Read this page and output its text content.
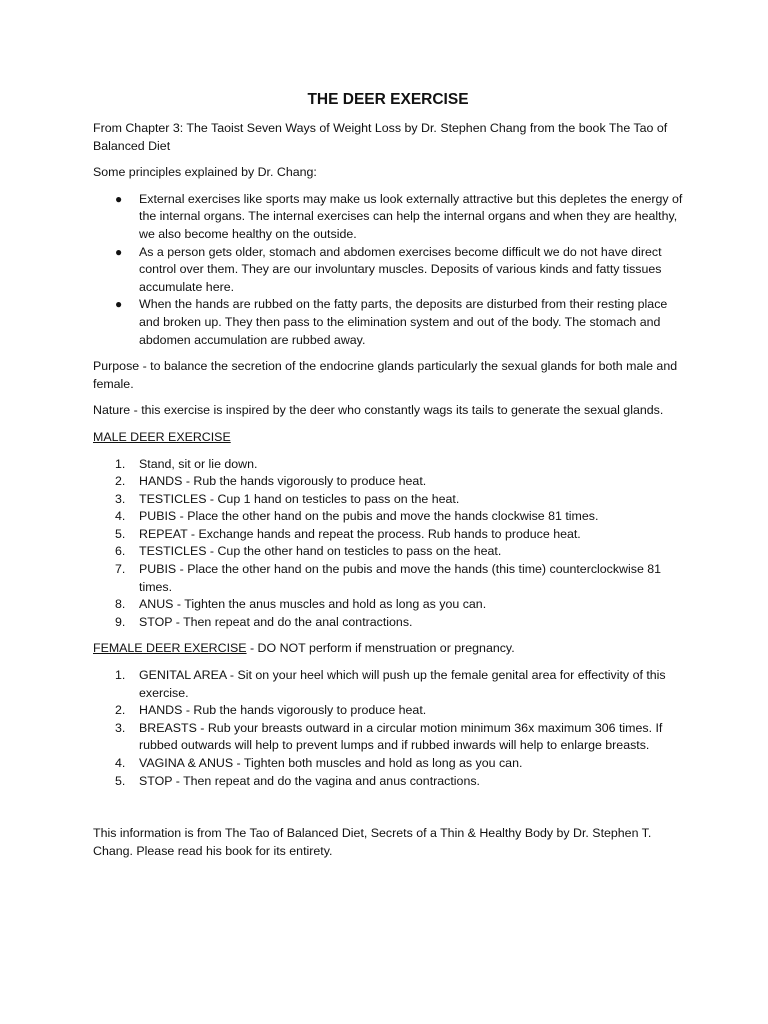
THE DEER EXERCISE

From Chapter 3: The Taoist Seven Ways of Weight Loss by Dr. Stephen Chang from the book The Tao of Balanced Diet

Some principles explained by Dr. Chang:

● External exercises like sports may make us look externally attractive but this depletes the energy of the internal organs. The internal exercises can help the internal organs and when they are healthy, we also become healthy on the outside.
● As a person gets older, stomach and abdomen exercises become difficult we do not have direct control over them. They are our involuntary muscles. Deposits of various kinds and fatty tissues accumulate here.
● When the hands are rubbed on the fatty parts, the deposits are disturbed from their resting place and broken up. They then pass to the elimination system and out of the body. The stomach and abdomen accumulation are rubbed away.

Purpose - to balance the secretion of the endocrine glands particularly the sexual glands for both male and female.

Nature - this exercise is inspired by the deer who constantly wags its tails to generate the sexual glands.

MALE DEER EXERCISE

1. Stand, sit or lie down.
2. HANDS - Rub the hands vigorously to produce heat.
3. TESTICLES - Cup 1 hand on testicles to pass on the heat.
4. PUBIS - Place the other hand on the pubis and move the hands clockwise 81 times.
5. REPEAT - Exchange hands and repeat the process. Rub hands to produce heat.
6. TESTICLES - Cup the other hand on testicles to pass on the heat.
7. PUBIS - Place the other hand on the pubis and move the hands (this time) counterclockwise 81 times.
8. ANUS - Tighten the anus muscles and hold as long as you can.
9. STOP - Then repeat and do the anal contractions.

FEMALE DEER EXERCISE - DO NOT perform if menstruation or pregnancy.

1. GENITAL AREA - Sit on your heel which will push up the female genital area for effectivity of this exercise.
2. HANDS - Rub the hands vigorously to produce heat.
3. BREASTS - Rub your breasts outward in a circular motion minimum 36x maximum 306 times. If rubbed outwards will help to prevent lumps and if rubbed inwards will help to enlarge breasts.
4. VAGINA & ANUS - Tighten both muscles and hold as long as you can.
5. STOP - Then repeat and do the vagina and anus contractions.

This information is from The Tao of Balanced Diet, Secrets of a Thin & Healthy Body by Dr. Stephen T. Chang. Please read his book for its entirety.
